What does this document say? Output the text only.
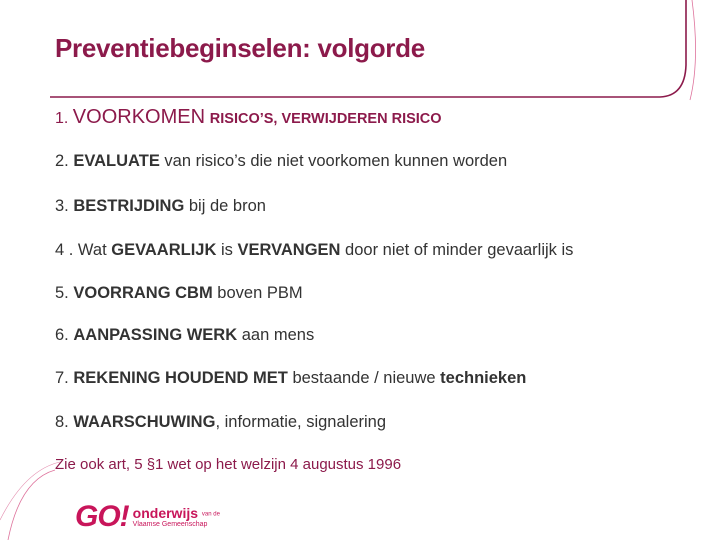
Preventiebeginselen: volgorde

1. VOORKOMEN RISICO’S, VERWIJDEREN RISICO

2. EVALUATE van risico’s die niet voorkomen kunnen worden

3. BESTRIJDING bij de bron

4 . Wat GEVAARLIJK is VERVANGEN door niet of minder gevaarlijk is

5. VOORRANG CBM boven PBM

6. AANPASSING WERK aan mens

7. REKENING HOUDEND MET bestaande / nieuwe technieken

8. WAARSCHUWING, informatie, signalering

Zie ook art, 5 §1 wet op het welzijn 4 augustus 1996

GO! onderwijs van de
Vlaamse Gemeenschap
